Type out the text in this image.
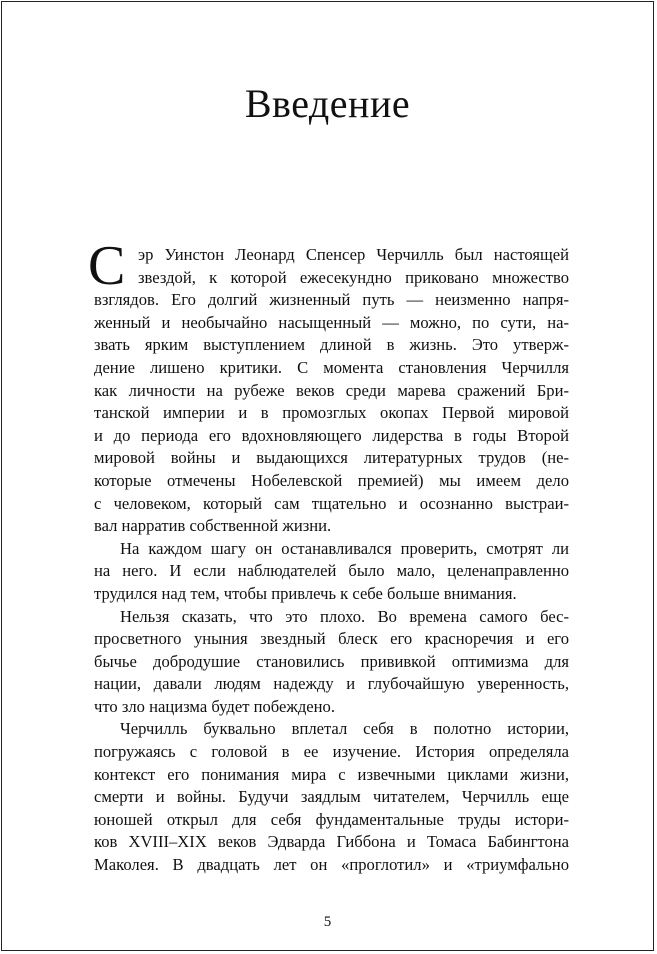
Введение
С эр Уинстон Леонард Спенсер Черчилль был настоящей
звездой, к которой ежесекундно приковано множество
взглядов. Его долгий жизненный путь — неизменно напря-
женный и необычайно насыщенный — можно, по сути, на-
звать ярким выступлением длиной в жизнь. Это утверж-
дение лишено критики. С момента становления Черчилля
как личности на рубеже веков среди марева сражений Бри-
танской империи и в промозглых окопах Первой мировой
и до периода его вдохновляющего лидерства в годы Второй
мировой войны и выдающихся литературных трудов (не-
которые отмечены Нобелевской премией) мы имеем дело
с человеком, который сам тщательно и осознанно выстраи-
вал нарратив собственной жизни.
На каждом шагу он останавливался проверить, смотрят ли
на него. И если наблюдателей было мало, целенаправленно
трудился над тем, чтобы привлечь к себе больше внимания.
Нельзя сказать, что это плохо. Во времена самого бес-
просветного уныния звездный блеск его красноречия и его
бычье добродушие становились прививкой оптимизма для
нации, давали людям надежду и глубочайшую уверенность,
что зло нацизма будет побеждено.
Черчилль буквально вплетал себя в полотно истории,
погружаясь с головой в ее изучение. История определяла
контекст его понимания мира с извечными циклами жизни,
смерти и войны. Будучи заядлым читателем, Черчилль еще
юношей открыл для себя фундаментальные труды истори-
ков XVIII–XIX веков Эдварда Гиббона и Томаса Бабингтона
Маколея. В двадцать лет он «проглотил» и «триумфально
5
